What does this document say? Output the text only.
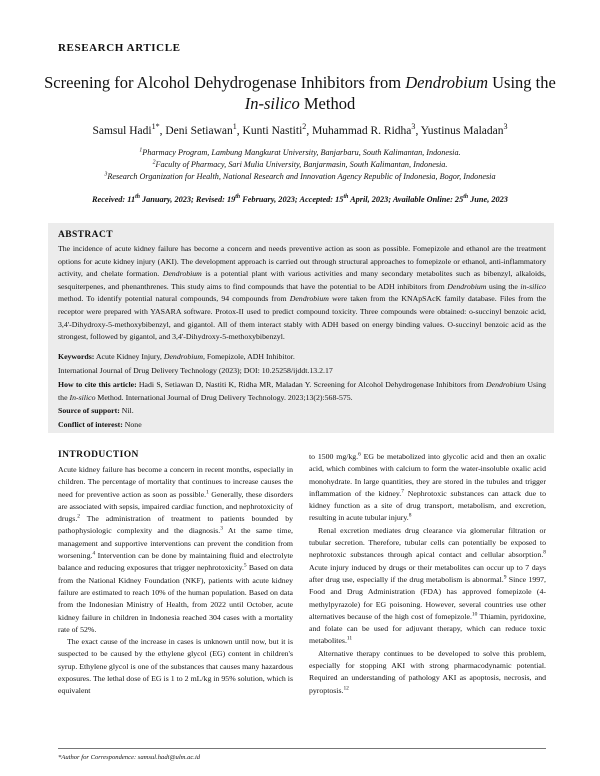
RESEARCH ARTICLE
Screening for Alcohol Dehydrogenase Inhibitors from Dendrobium Using the In-silico Method
Samsul Hadi$^{1*}$, Deni Setiawan$^1$, Kunti Nastiti$^2$, Muhammad R. Ridha$^3$, Yustinus Maladan$^3$
$^1$Pharmacy Program, Lambung Mangkurat University, Banjarbaru, South Kalimantan, Indonesia.
$^2$Faculty of Pharmacy, Sari Mulia University, Banjarmasin, South Kalimantan, Indonesia.
$^3$Research Organization for Health, National Research and Innovation Agency Republic of Indonesia, Bogor, Indonesia
Received: 11th January, 2023; Revised: 19th February, 2023; Accepted: 15th April, 2023; Available Online: 25th June, 2023
ABSTRACT
The incidence of acute kidney failure has become a concern and needs preventive action as soon as possible. Fomepizole and ethanol are the treatment options for acute kidney injury (AKI). The development approach is carried out through structural approaches to fomepizole or ethanol, anti-inflammatory activity, and chelate formation. Dendrobium is a potential plant with various activities and many secondary metabolites such as bibenzyl, alkaloids, sesquiterpenes, and phenanthrenes. This study aims to find compounds that have the potential to be ADH inhibitors from Dendrobium using the in-silico method. To identify potential natural compounds, 94 compounds from Dendrobium were taken from the KNApSAcK family database. Files from the receptor were prepared with YASARA software. Protox-II used to predict compound toxicity. Three compounds were obtained: o-succinyl benzoic acid, 3,4'-Dihydroxy-5-methoxybibenzyl, and gigantol. All of them interact stably with ADH based on energy binding values. O-succinyl benzoic acid as the strongest, followed by gigantol, and 3,4'-Dihydroxy-5-methoxybibenzyl.
Keywords: Acute Kidney Injury, Dendrobium, Fomepizole, ADH Inhibitor.
International Journal of Drug Delivery Technology (2023); DOI: 10.25258/ijddt.13.2.17
How to cite this article: Hadi S, Setiawan D, Nastiti K, Ridha MR, Maladan Y. Screening for Alcohol Dehydrogenase Inhibitors from Dendrobium Using the In-silico Method. International Journal of Drug Delivery Technology. 2023;13(2):568-575.
Source of support: Nil.
Conflict of interest: None
INTRODUCTION

Acute kidney failure has become a concern in recent months, especially in children. The percentage of mortality that continues to increase causes the need for preventive action as soon as possible.$^1$ Generally, these disorders are associated with sepsis, impaired cardiac function, and nephrotoxicity of drugs.$^2$ The administration of treatment to patients bounded by pathophysiologic complexity and the diagnosis.$^3$ At the same time, management and supportive interventions can prevent the condition from worsening.$^4$ Intervention can be done by maintaining fluid and electrolyte balance and reducing exposures that trigger nephrotoxicity.$^5$ Based on data from the National Kidney Foundation (NKF), patients with acute kidney failure are estimated to reach 10% of the human population. Based on data from the Indonesian Ministry of Health, from 2022 until October, acute kidney failure in children in Indonesia reached 304 cases with a mortality rate of 52%.

The exact cause of the increase in cases is unknown until now, but it is suspected to be caused by the ethylene glycol (EG) content in children's syrup. Ethylene glycol is one of the substances that causes many hazardous exposures. The lethal dose of EG is 1 to 2 mL/kg in 95% solution, which is equivalent

to 1500 mg/kg.$^6$ EG be metabolized into glycolic acid and then an oxalic acid, which combines with calcium to form the water-insoluble oxalic acid monohydrate. In large quantities, they are stored in the tubules and trigger inflammation of the kidney.$^7$ Nephrotoxic substances can attack due to kidney function as a site of drug transport, metabolism, and excretion, resulting in acute tubular injury.$^8$

Renal excretion mediates drug clearance via glomerular filtration or tubular secretion. Therefore, tubular cells can potentially be exposed to nephrotoxic substances through apical contact and cellular absorption.$^8$ Acute injury induced by drugs or their metabolites can occur up to 7 days after drug use, especially if the drug metabolism is abnormal.$^9$ Since 1997, Food and Drug Administration (FDA) has approved fomepizole (4-methylpyrazole) for EG poisoning. However, several countries use other alternatives because of the high cost of fomepizole.$^{10}$ Thiamin, pyridoxine, and folate can be used for adjuvant therapy, which can reduce toxic metabolites.$^{11}$

Alternative therapy continues to be developed to solve this problem, especially for stopping AKI with strong pharmacodynamic potential. Required an understanding of pathology AKI as apoptosis, necrosis, and pyroptosis.$^{12}$

*Author for Correspondence: samsul.hadi@ulm.ac.id
